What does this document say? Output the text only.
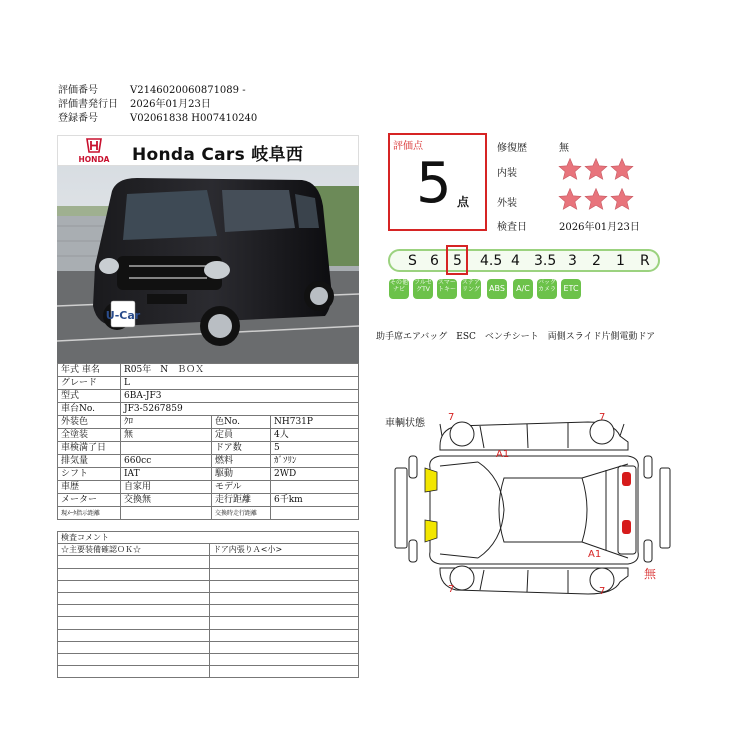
評価番号	V2146020060871089 -
評価書発行日 2026年01月23日
登録番号	V02061838 H007410240
HONDA Honda Cars 岐阜西
U-Car
年式 車名	R05年　N　ＢＯＸ		
グレード	L		
型式	6BA-JF3		
車台No.	JF3-5267859		
外装色	ｸﾛ	色No.	NH731P
全塗装	無	定員	4人
車検満了日		ドア数	5
排気量	660cc	燃料	ｶﾞｿﾘﾝ
シフト	IAT	駆動	2WD
車歴	自家用	モデル	
メーター	交換無	走行距離	6千km
現ﾒｰﾀ指示距離		交換時走行距離	
検査コメント	
☆主要装備確認ＯＫ☆	ドア内張りＡ<小>

評価点
5 点
修復歴	無
内装
外装
検査日	2026年01月23日
S 6 5 4.5 4 3.5 3 2 1 R
その他ナビ
フルセグTV
スマートキー
ステアリング ABS	A/C
バックカメラ ETC
助手席エアバッグ　ESC　ベンチシート　両側スライド片側電動ドア
車輌状態
7	7
A1
A1
7	7
無
